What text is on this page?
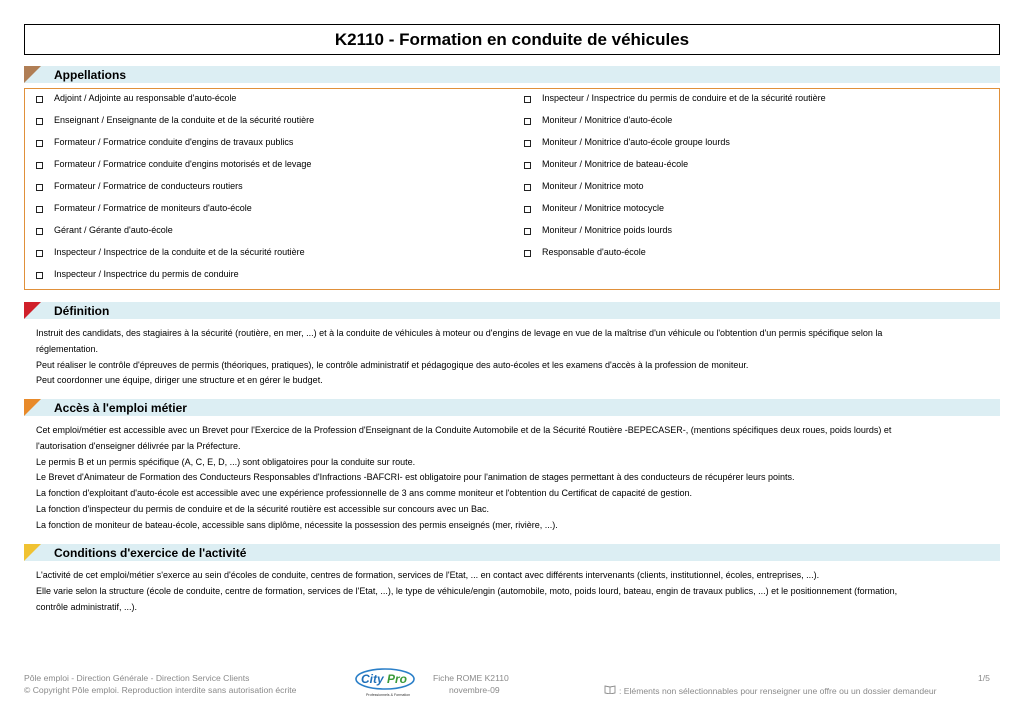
K2110 - Formation en conduite de véhicules
Appellations
Adjoint / Adjointe au responsable d'auto-école
Enseignant / Enseignante de la conduite et de la sécurité routière
Formateur / Formatrice conduite d'engins de travaux publics
Formateur / Formatrice conduite d'engins motorisés et de levage
Formateur / Formatrice de conducteurs routiers
Formateur / Formatrice de moniteurs d'auto-école
Gérant / Gérante d'auto-école
Inspecteur / Inspectrice de la conduite et de la sécurité routière
Inspecteur / Inspectrice du permis de conduire
Inspecteur / Inspectrice du permis de conduire et de la sécurité routière
Moniteur / Monitrice d'auto-école
Moniteur / Monitrice d'auto-école groupe lourds
Moniteur / Monitrice de bateau-école
Moniteur / Monitrice moto
Moniteur / Monitrice motocycle
Moniteur / Monitrice poids lourds
Responsable d'auto-école
Définition
Instruit des candidats, des stagiaires à la sécurité (routière, en mer, ...) et à la conduite de véhicules à moteur ou d'engins de levage en vue de la maîtrise d'un véhicule ou l'obtention d'un permis spécifique selon la
réglementation.
Peut réaliser le contrôle d'épreuves de permis (théoriques, pratiques), le contrôle administratif et pédagogique des auto-écoles et les examens d'accès à la profession de moniteur.
Peut coordonner une équipe, diriger une structure et en gérer le budget.
Accès à l'emploi métier
Cet emploi/métier est accessible avec un Brevet pour l'Exercice de la Profession d'Enseignant de la Conduite Automobile et de la Sécurité Routière -BEPECASER-, (mentions spécifiques deux roues, poids lourds) et
l'autorisation d'enseigner délivrée par la Préfecture.
Le permis B et un permis spécifique (A, C, E, D, ...) sont obligatoires pour la conduite sur route.
Le Brevet d'Animateur de Formation des Conducteurs Responsables d'Infractions -BAFCRI- est obligatoire pour l'animation de stages permettant à des conducteurs de récupérer leurs points.
La fonction d'exploitant d'auto-école est accessible avec une expérience professionnelle de 3 ans comme moniteur et l'obtention du Certificat de capacité de gestion.
La fonction d'inspecteur du permis de conduire et de la sécurité routière est accessible sur concours avec un Bac.
La fonction de moniteur de bateau-école, accessible sans diplôme, nécessite la possession des permis enseignés (mer, rivière, ...).
Conditions d'exercice de l'activité
L'activité de cet emploi/métier s'exerce au sein d'écoles de conduite, centres de formation, services de l'Etat, ... en contact avec différents intervenants (clients, institutionnel, écoles, entreprises, ...).
Elle varie selon la structure (école de conduite, centre de formation, services de l'Etat, ...), le type de véhicule/engin (automobile, moto, poids lourd, bateau, engin de travaux publics, ...) et le positionnement (formation,
contrôle administratif, ...).
Pôle emploi - Direction Générale - Direction Service Clients
© Copyright Pôle emploi. Reproduction interdite sans autorisation écrite
City Pro
Professionnels & Formation
Fiche ROME K2110
novembre-09
1/5
: Eléments non sélectionnables pour renseigner une offre ou un dossier demandeur
